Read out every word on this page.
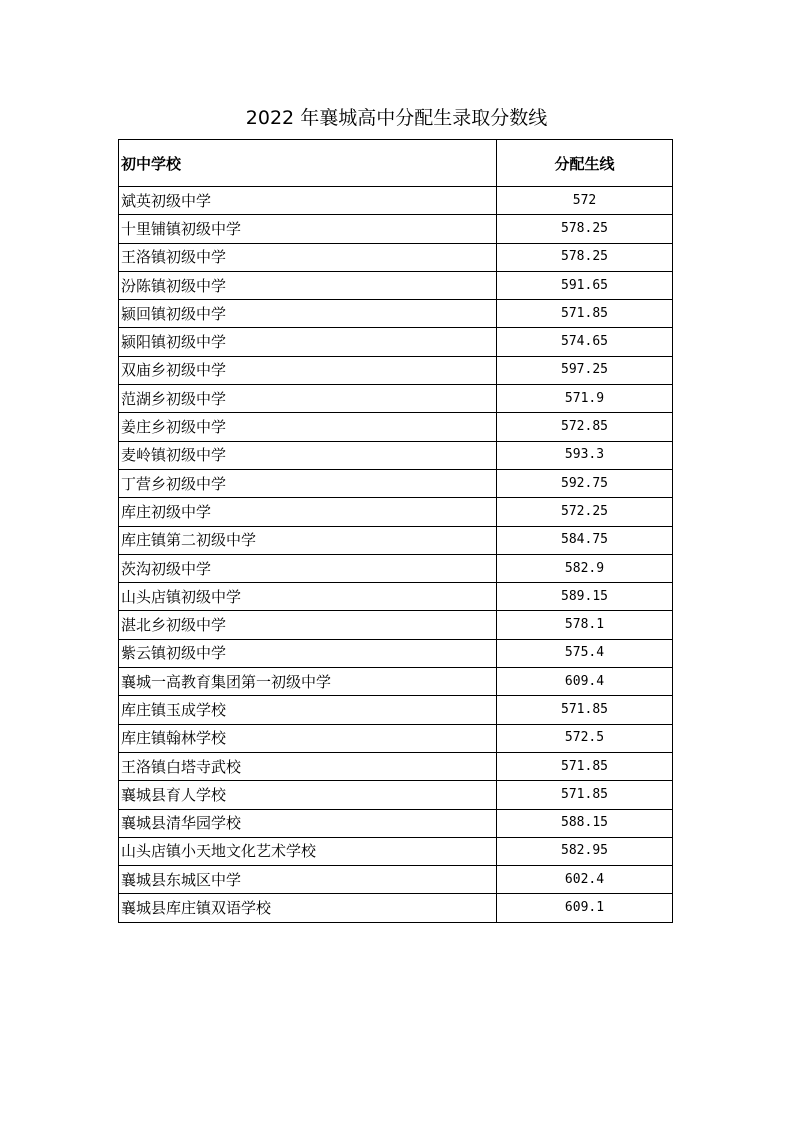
2022 年襄城高中分配生录取分数线
初中学校	分配生线
斌英初级中学	572
十里铺镇初级中学	578.25
王洛镇初级中学	578.25
汾陈镇初级中学	591.65
颍回镇初级中学	571.85
颍阳镇初级中学	574.65
双庙乡初级中学	597.25
范湖乡初级中学	571.9
姜庄乡初级中学	572.85
麦岭镇初级中学	593.3
丁营乡初级中学	592.75
库庄初级中学	572.25
库庄镇第二初级中学	584.75
茨沟初级中学	582.9
山头店镇初级中学	589.15
湛北乡初级中学	578.1
紫云镇初级中学	575.4
襄城一高教育集团第一初级中学	609.4
库庄镇玉成学校	571.85
库庄镇翰林学校	572.5
王洛镇白塔寺武校	571.85
襄城县育人学校	571.85
襄城县清华园学校	588.15
山头店镇小天地文化艺术学校	582.95
襄城县东城区中学	602.4
襄城县库庄镇双语学校	609.1
